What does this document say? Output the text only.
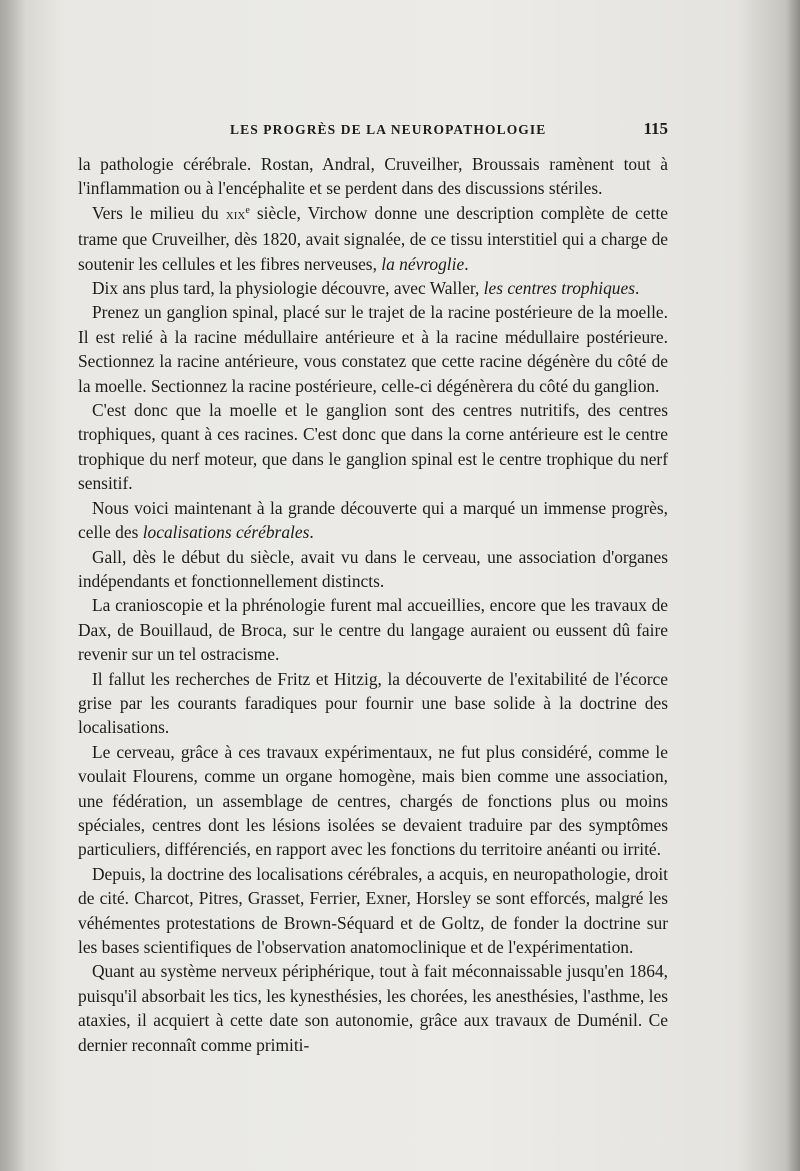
LES PROGRÈS DE LA NEUROPATHOLOGIE	115

la pathologie cérébrale. Rostan, Andral, Cruveilher, Broussais ramènent tout à l'inflammation ou à l'encéphalite et se perdent dans des discussions stériles.

Vers le milieu du xix$^e$ siècle, Virchow donne une description complète de cette trame que Cruveilher, dès 1820, avait signalée, de ce tissu interstitiel qui a charge de soutenir les cellules et les fibres nerveuses, la névroglie.

Dix ans plus tard, la physiologie découvre, avec Waller, les centres trophiques.

Prenez un ganglion spinal, placé sur le trajet de la racine postérieure de la moelle. Il est relié à la racine médullaire antérieure et à la racine médullaire postérieure. Sectionnez la racine antérieure, vous constatez que cette racine dégénère du côté de la moelle. Sectionnez la racine postérieure, celle-ci dégénèrera du côté du ganglion.

C'est donc que la moelle et le ganglion sont des centres nutritifs, des centres trophiques, quant à ces racines. C'est donc que dans la corne antérieure est le centre trophique du nerf moteur, que dans le ganglion spinal est le centre trophique du nerf sensitif.

Nous voici maintenant à la grande découverte qui a marqué un immense progrès, celle des localisations cérébrales.

Gall, dès le début du siècle, avait vu dans le cerveau, une association d'organes indépendants et fonctionnellement distincts.

La cranioscopie et la phrénologie furent mal accueillies, encore que les travaux de Dax, de Bouillaud, de Broca, sur le centre du langage auraient ou eussent dû faire revenir sur un tel ostracisme.

Il fallut les recherches de Fritz et Hitzig, la découverte de l'exitabilité de l'écorce grise par les courants faradiques pour fournir une base solide à la doctrine des localisations.

Le cerveau, grâce à ces travaux expérimentaux, ne fut plus considéré, comme le voulait Flourens, comme un organe homogène, mais bien comme une association, une fédération, un assemblage de centres, chargés de fonctions plus ou moins spéciales, centres dont les lésions isolées se devaient traduire par des symptômes particuliers, différenciés, en rapport avec les fonctions du territoire anéanti ou irrité.

Depuis, la doctrine des localisations cérébrales, a acquis, en neuropathologie, droit de cité. Charcot, Pitres, Grasset, Ferrier, Exner, Horsley se sont efforcés, malgré les véhémentes protestations de Brown-Séquard et de Goltz, de fonder la doctrine sur les bases scientifiques de l'observation anatomoclinique et de l'expérimentation.

Quant au système nerveux périphérique, tout à fait méconnaissable jusqu'en 1864, puisqu'il absorbait les tics, les kynesthésies, les chorées, les anesthésies, l'asthme, les ataxies, il acquiert à cette date son autonomie, grâce aux travaux de Duménil. Ce dernier reconnaît comme primiti-
